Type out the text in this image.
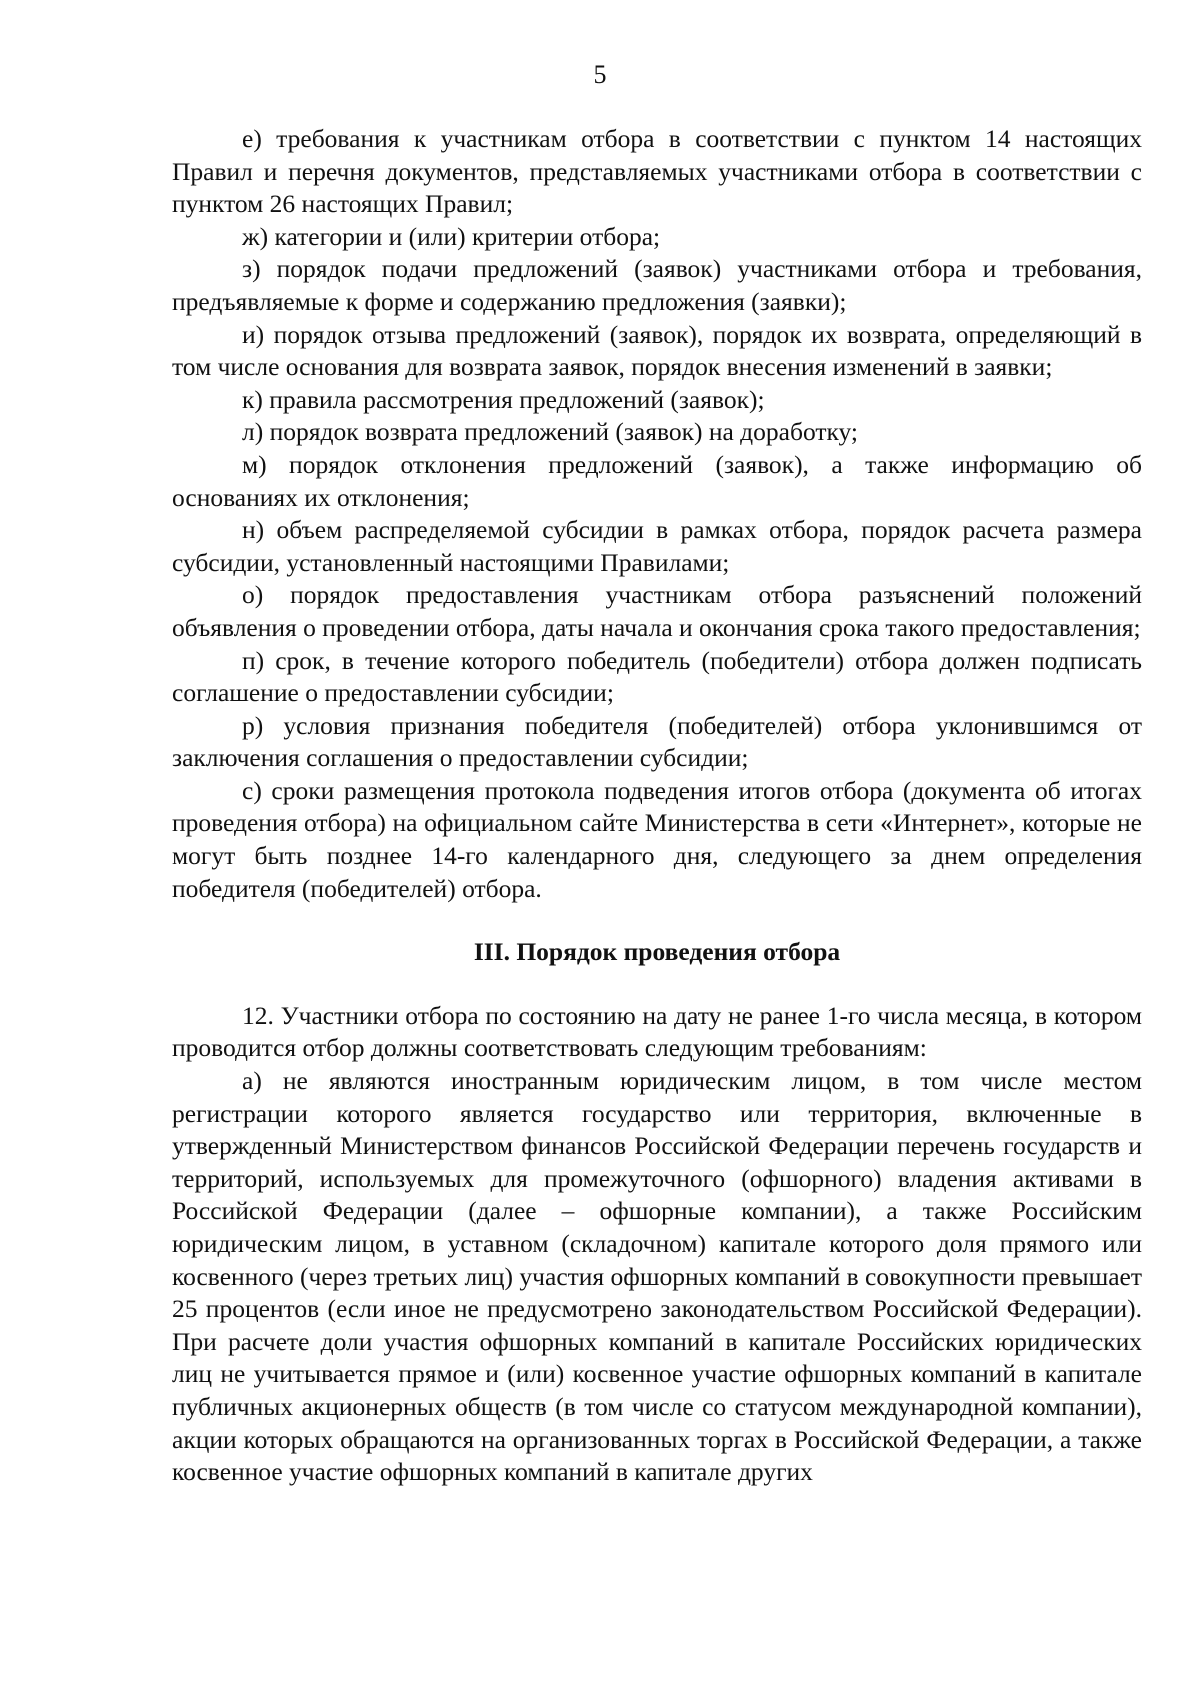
5

е) требования к участникам отбора в соответствии с пунктом 14 настоящих Правил и перечня документов, представляемых участниками отбора в соответствии с пунктом 26 настоящих Правил;

ж) категории и (или) критерии отбора;

з) порядок подачи предложений (заявок) участниками отбора и требования, предъявляемые к форме и содержанию предложения (заявки);

и) порядок отзыва предложений (заявок), порядок их возврата, определяющий в том числе основания для возврата заявок, порядок внесения изменений в заявки;

к) правила рассмотрения предложений (заявок);

л) порядок возврата предложений (заявок) на доработку;

м) порядок отклонения предложений (заявок), а также информацию об основаниях их отклонения;

н) объем распределяемой субсидии в рамках отбора, порядок расчета размера субсидии, установленный настоящими Правилами;

о) порядок предоставления участникам отбора разъяснений положений объявления о проведении отбора, даты начала и окончания срока такого предоставления;

п) срок, в течение которого победитель (победители) отбора должен подписать соглашение о предоставлении субсидии;

р) условия признания победителя (победителей) отбора уклонившимся от заключения соглашения о предоставлении субсидии;

с) сроки размещения протокола подведения итогов отбора (документа об итогах проведения отбора) на официальном сайте Министерства в сети «Интернет», которые не могут быть позднее 14-го календарного дня, следующего за днем определения победителя (победителей) отбора.

III. Порядок проведения отбора

12. Участники отбора по состоянию на дату не ранее 1-го числа месяца, в котором проводится отбор должны соответствовать следующим требованиям:

а) не являются иностранным юридическим лицом, в том числе местом регистрации которого является государство или территория, включенные в утвержденный Министерством финансов Российской Федерации перечень государств и территорий, используемых для промежуточного (офшорного) владения активами в Российской Федерации (далее – офшорные компании), а также Российским юридическим лицом, в уставном (складочном) капитале которого доля прямого или косвенного (через третьих лиц) участия офшорных компаний в совокупности превышает 25 процентов (если иное не предусмотрено законодательством Российской Федерации). При расчете доли участия офшорных компаний в капитале Российских юридических лиц не учитывается прямое и (или) косвенное участие офшорных компаний в капитале публичных акционерных обществ (в том числе со статусом международной компании), акции которых обращаются на организованных торгах в Российской Федерации, а также косвенное участие офшорных компаний в капитале других
